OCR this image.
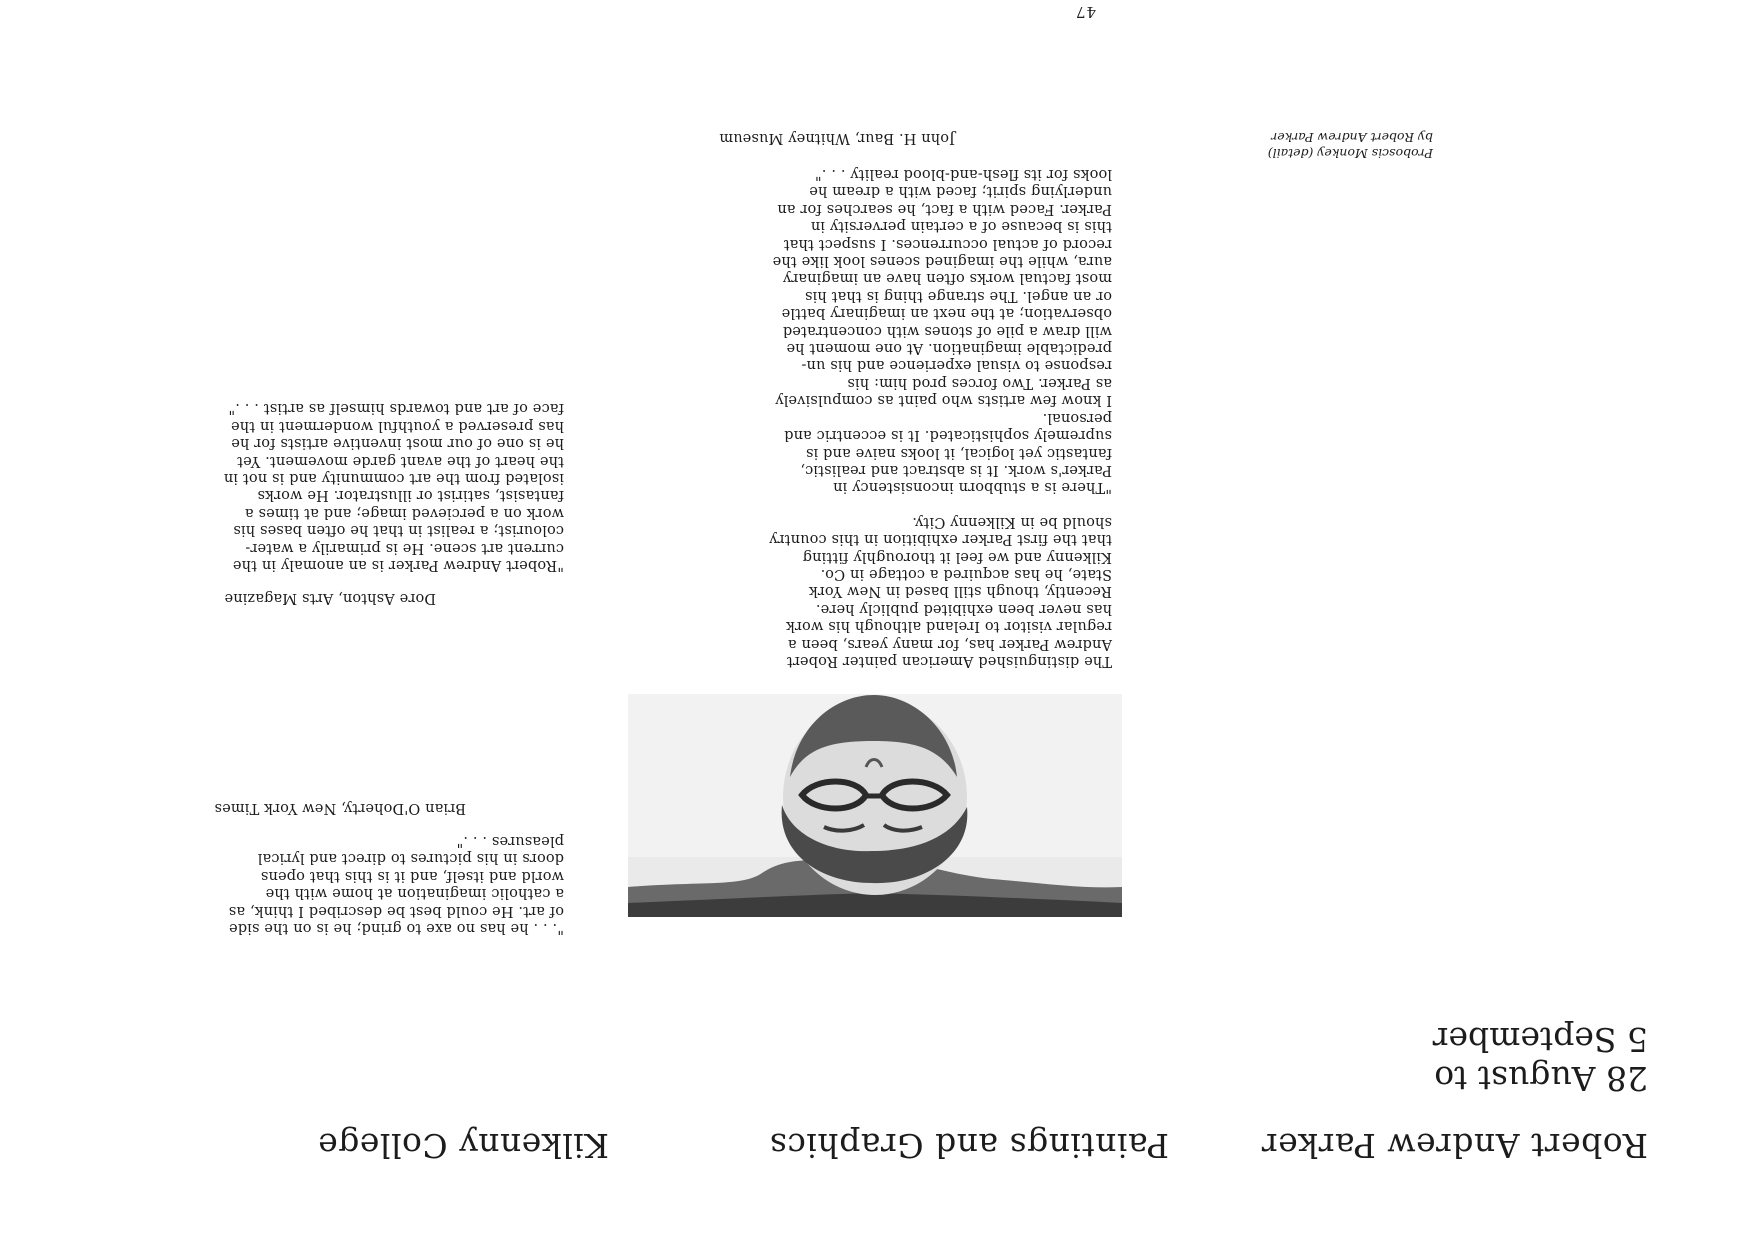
47
Robert Andrew Parker
Paintings and Graphics
Kilkenny College
28 August to
5 September

The distinguished American painter Robert
Andrew Parker has, for many years, been a
regular visitor to Ireland although his work
has never been exhibited publicly here.
Recently, though still based in New York
State, he has acquired a cottage in Co.
Kilkenny and we feel it thoroughly fitting
that the first Parker exhibition in this country
should be in Kilkenny City.

"There is a stubborn inconsistency in
Parker's work. It is abstract and realistic,
fantastic yet logical, it looks naive and is
supremely sophisticated. It is eccentric and
personal.

I know few artists who paint as compulsively
as Parker. Two forces prod him: his
response to visual experience and his un-
predictable imagination. At one moment he
will draw a pile of stones with concentrated
observation; at the next an imaginary battle
or an angel. The strange thing is that his
most factual works often have an imaginary
aura, while the imagined scenes look like the
record of actual occurrences. I suspect that
this is because of a certain perversity in
Parker. Faced with a fact, he searches for an
underlying spirit; faced with a dream he
looks for its flesh-and-blood reality . . ."

John H. Baur, Whitney Museum

". . . he has no axe to grind; he is on the side
of art. He could best be described I think, as
a catholic imagination at home with the
world and itself, and it is this that opens
doors in his pictures to direct and lyrical
pleasures . . ."

Brian O'Doherty, New York Times

"Robert Andrew Parker is an anomaly in the
current art scene. He is primarily a water-
colourist; a realist in that he often bases his
work on a percieved image; and at times a
fantasist, satirist or illustrator. He works
isolated from the art community and is not in
the heart of the avant garde movement. Yet
he is one of our most inventive artists for he
has preserved a youthful wonderment in the
face of art and towards himself as artist . . ."

Dore Ashton, Arts Magazine
Proboscis Monkey (detail)
by Robert Andrew Parker
